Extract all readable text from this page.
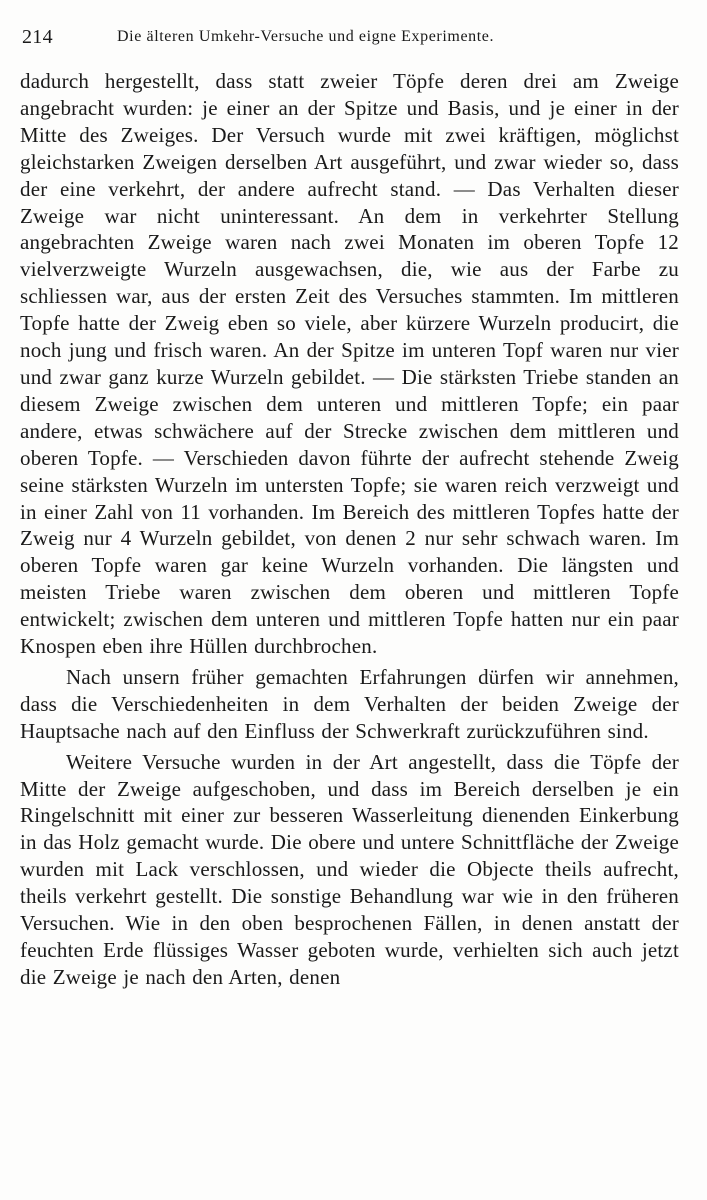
214	Die älteren Umkehr-Versuche und eigne Experimente.

dadurch hergestellt, dass statt zweier Töpfe deren drei am Zweige angebracht wurden: je einer an der Spitze und Basis, und je einer in der Mitte des Zweiges. Der Versuch wurde mit zwei kräftigen, möglichst gleichstarken Zweigen derselben Art ausgeführt, und zwar wieder so, dass der eine verkehrt, der andere aufrecht stand. — Das Verhalten dieser Zweige war nicht uninteressant. An dem in verkehrter Stellung angebrachten Zweige waren nach zwei Monaten im oberen Topfe 12 vielverzweigte Wurzeln ausgewachsen, die, wie aus der Farbe zu schliessen war, aus der ersten Zeit des Versuches stammten. Im mittleren Topfe hatte der Zweig eben so viele, aber kürzere Wurzeln producirt, die noch jung und frisch waren. An der Spitze im unteren Topf waren nur vier und zwar ganz kurze Wurzeln gebildet. — Die stärksten Triebe standen an diesem Zweige zwischen dem unteren und mittleren Topfe; ein paar andere, etwas schwächere auf der Strecke zwischen dem mittleren und oberen Topfe. — Verschieden davon führte der aufrecht stehende Zweig seine stärksten Wurzeln im untersten Topfe; sie waren reich verzweigt und in einer Zahl von 11 vorhanden. Im Bereich des mittleren Topfes hatte der Zweig nur 4 Wurzeln gebildet, von denen 2 nur sehr schwach waren. Im oberen Topfe waren gar keine Wurzeln vorhanden. Die längsten und meisten Triebe waren zwischen dem oberen und mittleren Topfe entwickelt; zwischen dem unteren und mittleren Topfe hatten nur ein paar Knospen eben ihre Hüllen durchbrochen.

Nach unsern früher gemachten Erfahrungen dürfen wir annehmen, dass die Verschiedenheiten in dem Verhalten der beiden Zweige der Hauptsache nach auf den Einfluss der Schwerkraft zurückzuführen sind.

Weitere Versuche wurden in der Art angestellt, dass die Töpfe der Mitte der Zweige aufgeschoben, und dass im Bereich derselben je ein Ringelschnitt mit einer zur besseren Wasserleitung dienenden Einkerbung in das Holz gemacht wurde. Die obere und untere Schnittfläche der Zweige wurden mit Lack verschlossen, und wieder die Objecte theils aufrecht, theils verkehrt gestellt. Die sonstige Behandlung war wie in den früheren Versuchen. Wie in den oben besprochenen Fällen, in denen anstatt der feuchten Erde flüssiges Wasser geboten wurde, verhielten sich auch jetzt die Zweige je nach den Arten, denen
